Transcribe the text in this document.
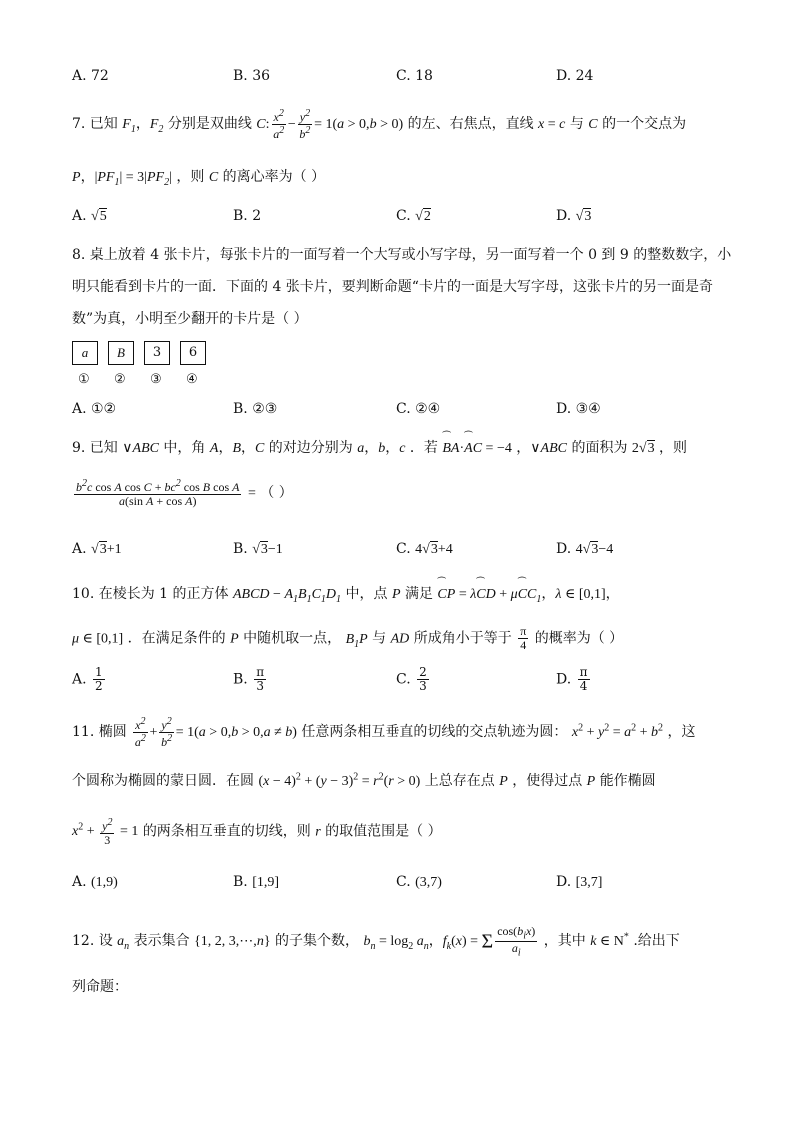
A. 72	B. 36	C. 18	D. 24
7. 已知 $F_1$，$F_2$ 分别是双曲线 C: $\frac{x^2}{a^2} - \frac{y^2}{b^2} = 1(a > 0,b > 0)$ 的左、右焦点，直线 x = c 与 C 的一个交点为
P，$|PF_1| = 3|PF_2|$ ，则 C 的离心率为（ ）
A. √5	B. 2	C. √2	D. √3
8. 桌上放着 4 张卡片，每张卡片的一面写着一个大写或小写字母，另一面写着一个 0 到 9 的整数数字，小
明只能看到卡片的一面．下面的 4 张卡片，要判断命题“卡片的一面是大写字母，这张卡片的另一面是奇
数”为真，小明至少翻开的卡片是（ ）
a	B	3	6
① ② ③ ④
A. ①②	B. ②③	C. ②④	D. ③④
9. 已知 ∨ABC 中，角 A，B，C 的对边分别为 a，b，c ．若 ⏜ BA·⏜ AC = −4 ，∨ABC 的面积为 2√3 ，则
$\frac{b^2c \cos A \cos C + bc^2 \cos B \cos A}{\text{a(sin A + cos A)}}$ = （ ）
A. √3+1	B. √3−1	C. 4√3+4	D. 4√3−4
10. 在棱长为 1 的正方体 ABCD − $A_1B_1C_1D_1$ 中，点 P 满足 ⏜ CP = λ⏜ CD + μ⏜ $CC_1$，λ ∈ [0,1]，
μ ∈ [0,1] ．在满足条件的 P 中随机取一点， $B_1P$ 与 AD 所成角小于等于 $\frac{\pi}{4}$ 的概率为（ ）
A. $\frac{1}{2}$	B. $\frac{\pi}{3}$	C. $\frac{2}{3}$	D. $\frac{\pi}{4}$
11. 椭圆 $\frac{x^2}{a^2} + \frac{y^2}{b^2} = 1(a > 0,b > 0,a \ne b)$ 任意两条相互垂直的切线的交点轨迹为圆： $x^2 + y^2 = a^2 + b^2$ ，这
个圆称为椭圆的蒙日圆．在圆 $(x - 4)^2 + (y - 3)^2 = r^2(r > 0)$ 上总存在点 P ，使得过点 P 能作椭圆
$x^2 + \frac{y^2}{3} = 1$ 的两条相互垂直的切线，则 r 的取值范围是（ ）
A. (1,9)	B. [1,9]	C. (3,7)	D. [3,7]
12. 设 $a_n$ 表示集合 {1, 2, 3,⋯,n} 的子集个数， $b_n = \log_2 a_n$，$f_k(x) = \Sigma \frac{\cos(b_ix)}{a_i}$ ，其中 k ∈ N* .给出下
列命题：
